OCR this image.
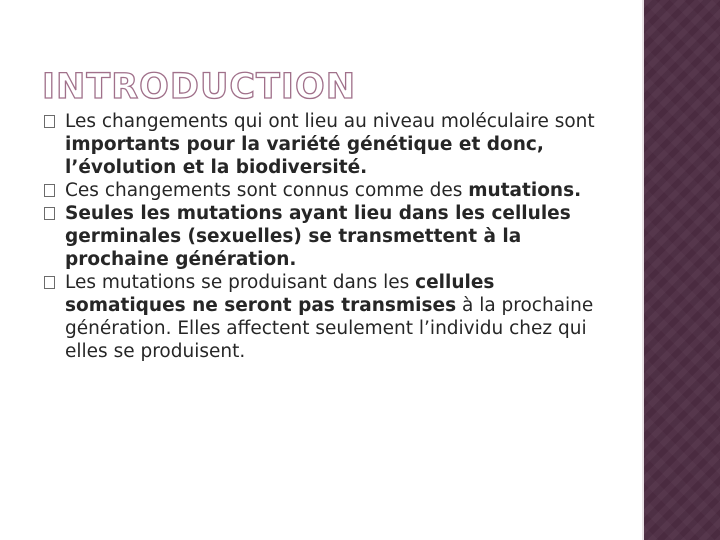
INTRODUCTION
Les changements qui ont lieu au niveau moléculaire sont importants pour la variété génétique et donc, l’évolution et la biodiversité.
Ces changements sont connus comme des mutations.
Seules les mutations ayant lieu dans les cellules germinales (sexuelles) se transmettent à la prochaine génération.
Les mutations se produisant dans les cellules somatiques ne seront pas transmises à la prochaine génération. Elles affectent seulement l’individu chez qui elles se produisent.
